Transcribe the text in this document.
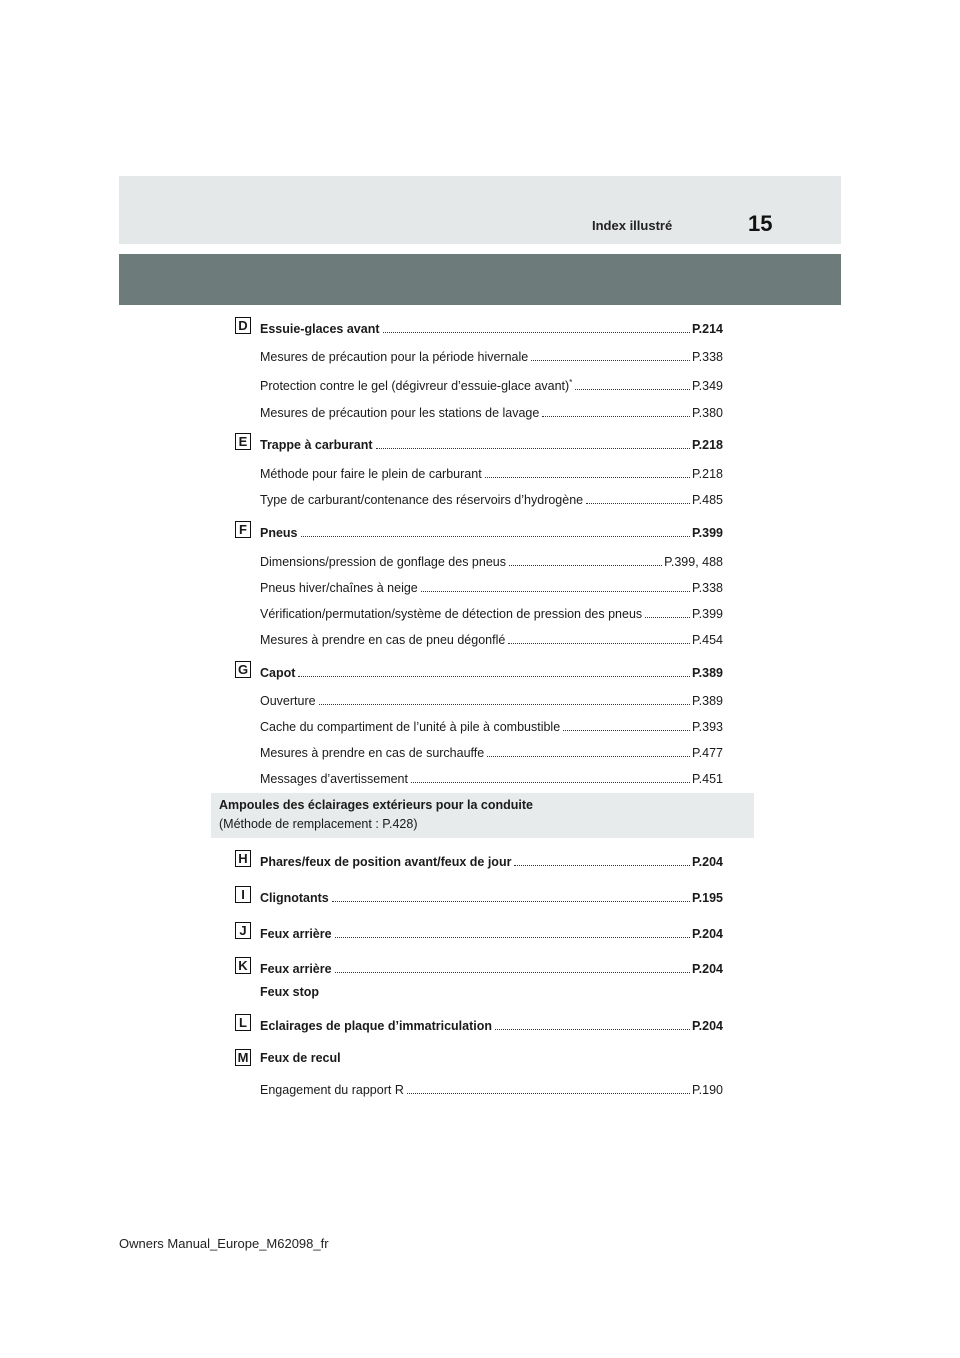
Index illustré	15
D Essuie-glaces avant	P.214
Mesures de précaution pour la période hivernale	P.338
Protection contre le gel (dégivreur d’essuie-glace avant)*	P.349
Mesures de précaution pour les stations de lavage	P.380
E Trappe à carburant	P.218
Méthode pour faire le plein de carburant	P.218
Type de carburant/contenance des réservoirs d’hydrogène	P.485
F	Pneus	P.399
Dimensions/pression de gonflage des pneus	P.399, 488
Pneus hiver/chaînes à neige	P.338
Vérification/permutation/système de détection de pression des pneus	P.399
Mesures à prendre en cas de pneu dégonflé	P.454
G Capot	P.389
Ouverture	P.389
Cache du compartiment de l’unité à pile à combustible	P.393
Mesures à prendre en cas de surchauffe	P.477
Messages d’avertissement	P.451
Ampoules des éclairages extérieurs pour la conduite
(Méthode de remplacement : P.428)
H Phares/feux de position avant/feux de jour	P.204
I	Clignotants	P.195
J	Feux arrière	P.204
K Feux arrière	P.204
Feux stop
L	Eclairages de plaque d’immatriculation	P.204
M Feux de recul
Engagement du rapport R	P.190
Owners Manual_Europe_M62098_fr
